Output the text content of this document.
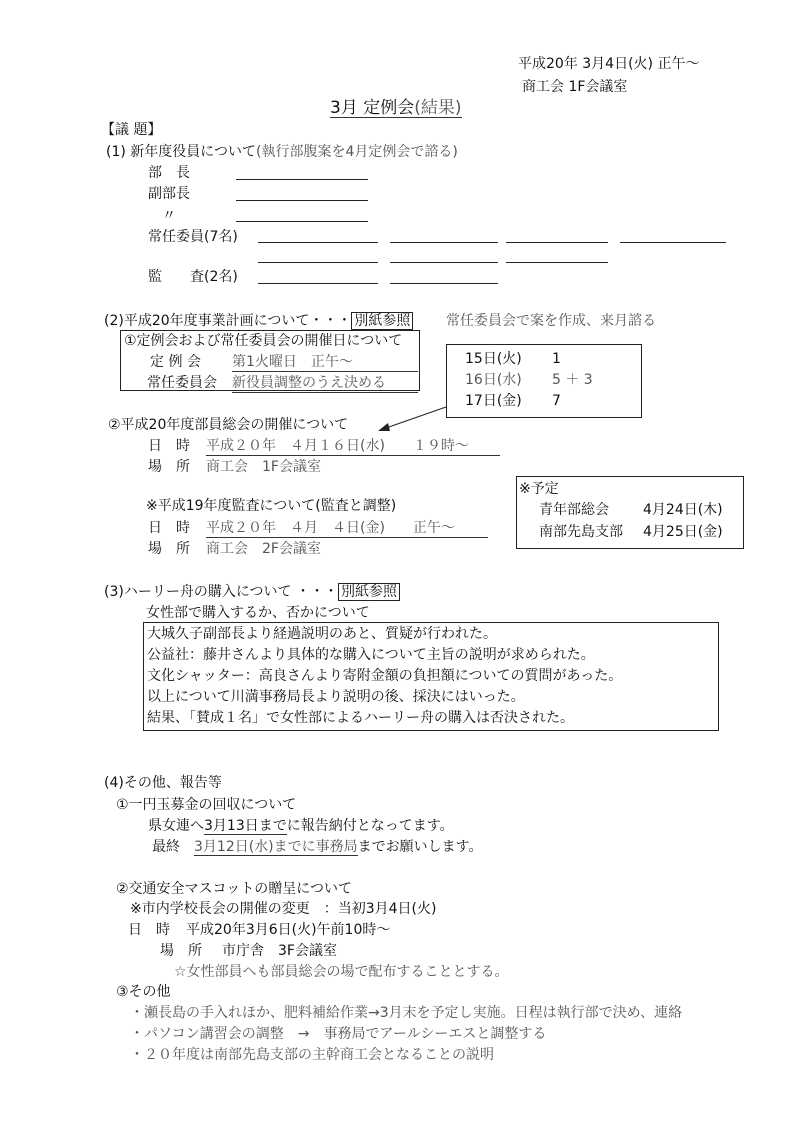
平成20年 3月4日(火) 正午～
商工会 1F会議室
3月 定例会(結果)
【議 題】
(1) 新年度役員について(執行部腹案を4月定例会で諮る)
部　長
副部長
〃
常任委員(7名)
監　　査(2名)
(2)平成20年度事業計画について・・・ 別紙参照	常任委員会で案を作成、来月諮る
①定例会および常任委員会の開催日について
定 例 会 第1火曜日　正午～
常任委員会 新役員調整のうえ決める
15日(火)
16日(水)
17日(金)
1
5 ＋ 3
7
②平成20年度部員総会の開催について
日　時 平成２０年　４月１６日(水)　　１９時～
場　所 商工会　1F会議室
※平成19年度監査について(監査と調整)
日　時 平成２０年　４月　４日(金)　　正午～
場　所 商工会　2F会議室
※予定
青年部総会 4月24日(木)
南部先島支部 4月25日(金)
(3)ハーリー舟の購入について ・・・ 別紙参照
女性部で購入するか、否かについて
大城久子副部長より経過説明のあと、質疑が行われた。
公益社：藤井さんより具体的な購入について主旨の説明が求められた。
文化シャッター：高良さんより寄附金額の負担額についての質問があった。
以上について川満事務局長より説明の後、採決にはいった。
結果、「賛成１名」で女性部によるハーリー舟の購入は否決された。
(4)その他、報告等
①一円玉募金の回収について
県女連へ3月13日までに報告納付となってます。
最終　 3月12日(水)までに事務局までお願いします。
②交通安全マスコットの贈呈について
※市内学校長会の開催の変更　：当初3月4日(火)
日　時 平成20年3月6日(火)午前10時～
場　所 市庁舎　3F会議室
☆女性部員へも部員総会の場で配布することとする。
③その他
・瀬長島の手入れほか、肥料補給作業→3月末を予定し実施。日程は執行部で決め、連絡
・パソコン講習会の調整　→　事務局でアールシーエスと調整する
・２０年度は南部先島支部の主幹商工会となることの説明
